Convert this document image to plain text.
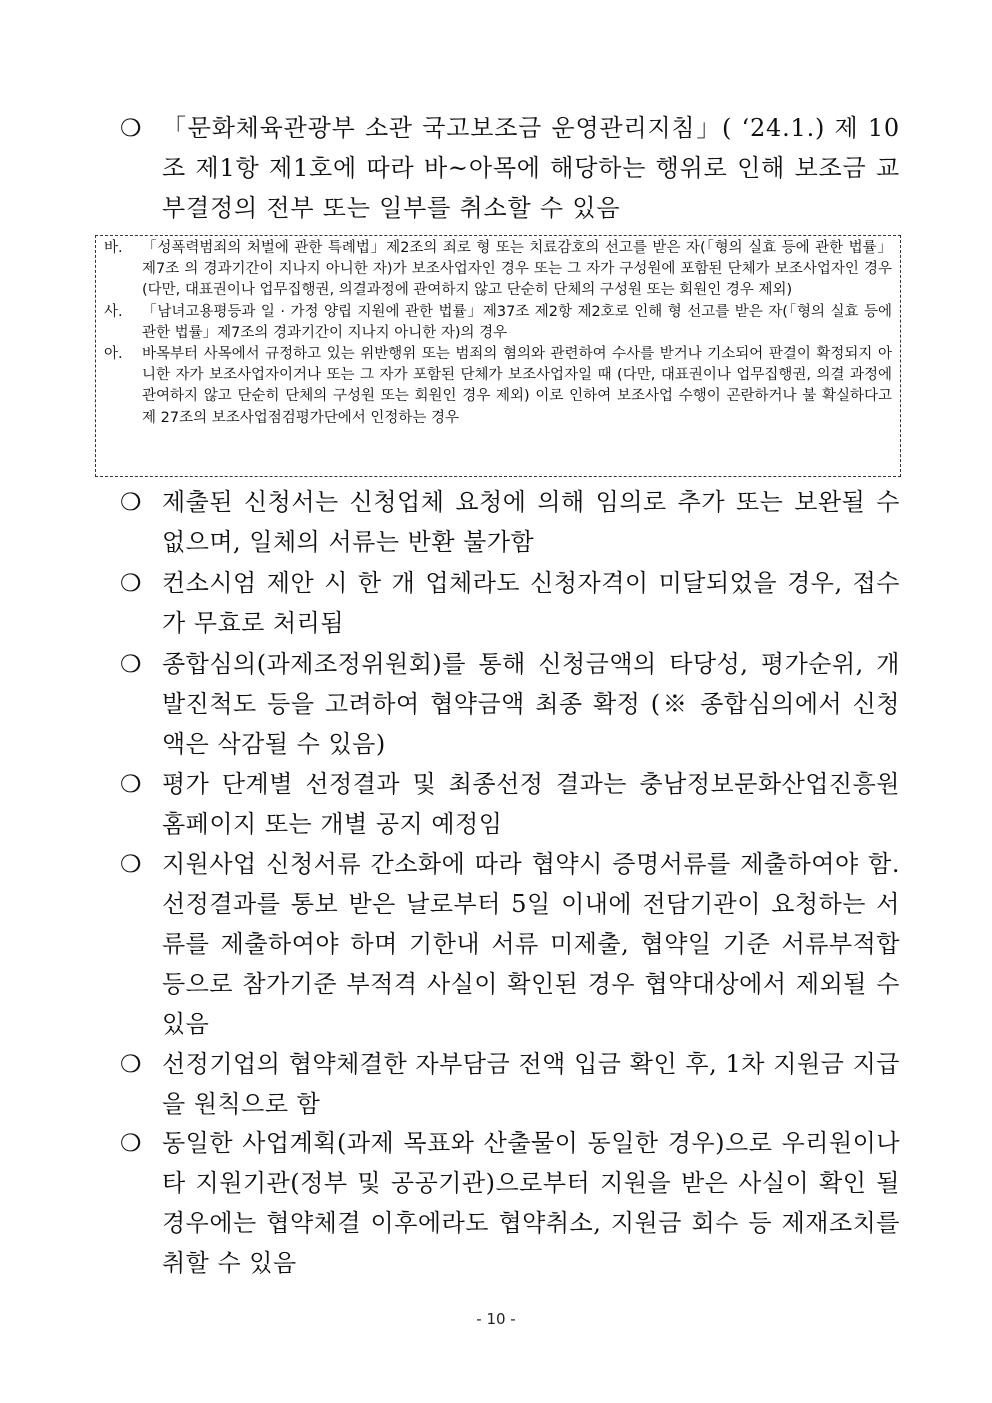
❍ 「문화체육관광부 소관 국고보조금 운영관리지침」( ‘24.1.) 제 10조 제1항 제1호에 따라 바~아목에 해당하는 행위로 인해 보조금 교부결정의 전부 또는 일부를 취소할 수 있음
바.	「성폭력범죄의 처벌에 관한 특례법」제2조의 죄로 형 또는 치료감호의 선고를 받은 자(「형의 실효 등에 관한 법률」 제7조 의 경과기간이 지나지 아니한 자)가 보조사업자인 경우 또는 그 자가 구성원에 포함된 단체가 보조사업자인 경우 (다만, 대표권이나 업무집행권, 의결과정에 관여하지 않고 단순히 단체의 구성원 또는 회원인 경우 제외)
사.	「남녀고용평등과 일 · 가정 양립 지원에 관한 법률」제37조 제2항 제2호로 인해 형 선고를 받은 자(「형의 실효 등에 관한 법률」제7조의 경과기간이 지나지 아니한 자)의 경우
아.	바목부터 사목에서 규정하고 있는 위반행위 또는 범죄의 혐의와 관련하여 수사를 받거나 기소되어 판결이 확정되지 아니한 자가 보조사업자이거나 또는 그 자가 포함된 단체가 보조사업자일 때 (다만, 대표권이나 업무집행권, 의결 과정에 관여하지 않고 단순히 단체의 구성원 또는 회원인 경우 제외) 이로 인하여 보조사업 수행이 곤란하거나 불 확실하다고 제 27조의 보조사업점검평가단에서 인정하는 경우
❍ 제출된 신청서는 신청업체 요청에 의해 임의로 추가 또는 보완될 수 없으며, 일체의 서류는 반환 불가함
❍ 컨소시엄 제안 시 한 개 업체라도 신청자격이 미달되었을 경우, 접수가 무효로 처리됨
❍ 종합심의(과제조정위원회)를 통해 신청금액의 타당성, 평가순위, 개발진척도 등을 고려하여 협약금액 최종 확정 (※ 종합심의에서 신청액은 삭감될 수 있음)
❍ 평가 단계별 선정결과 및 최종선정 결과는 충남정보문화산업진흥원 홈페이지 또는 개별 공지 예정임
❍ 지원사업 신청서류 간소화에 따라 협약시 증명서류를 제출하여야 함. 선정결과를 통보 받은 날로부터 5일 이내에 전담기관이 요청하는 서류를 제출하여야 하며 기한내 서류 미제출, 협약일 기준 서류부적합 등으로 참가기준 부적격 사실이 확인된 경우 협약대상에서 제외될 수 있음
❍ 선정기업의 협약체결한 자부담금 전액 입금 확인 후, 1차 지원금 지급을 원칙으로 함
❍ 동일한 사업계획(과제 목표와 산출물이 동일한 경우)으로 우리원이나 타 지원기관(정부 및 공공기관)으로부터 지원을 받은 사실이 확인 될 경우에는 협약체결 이후에라도 협약취소, 지원금 회수 등 제재조치를 취할 수 있음
- 10 -
